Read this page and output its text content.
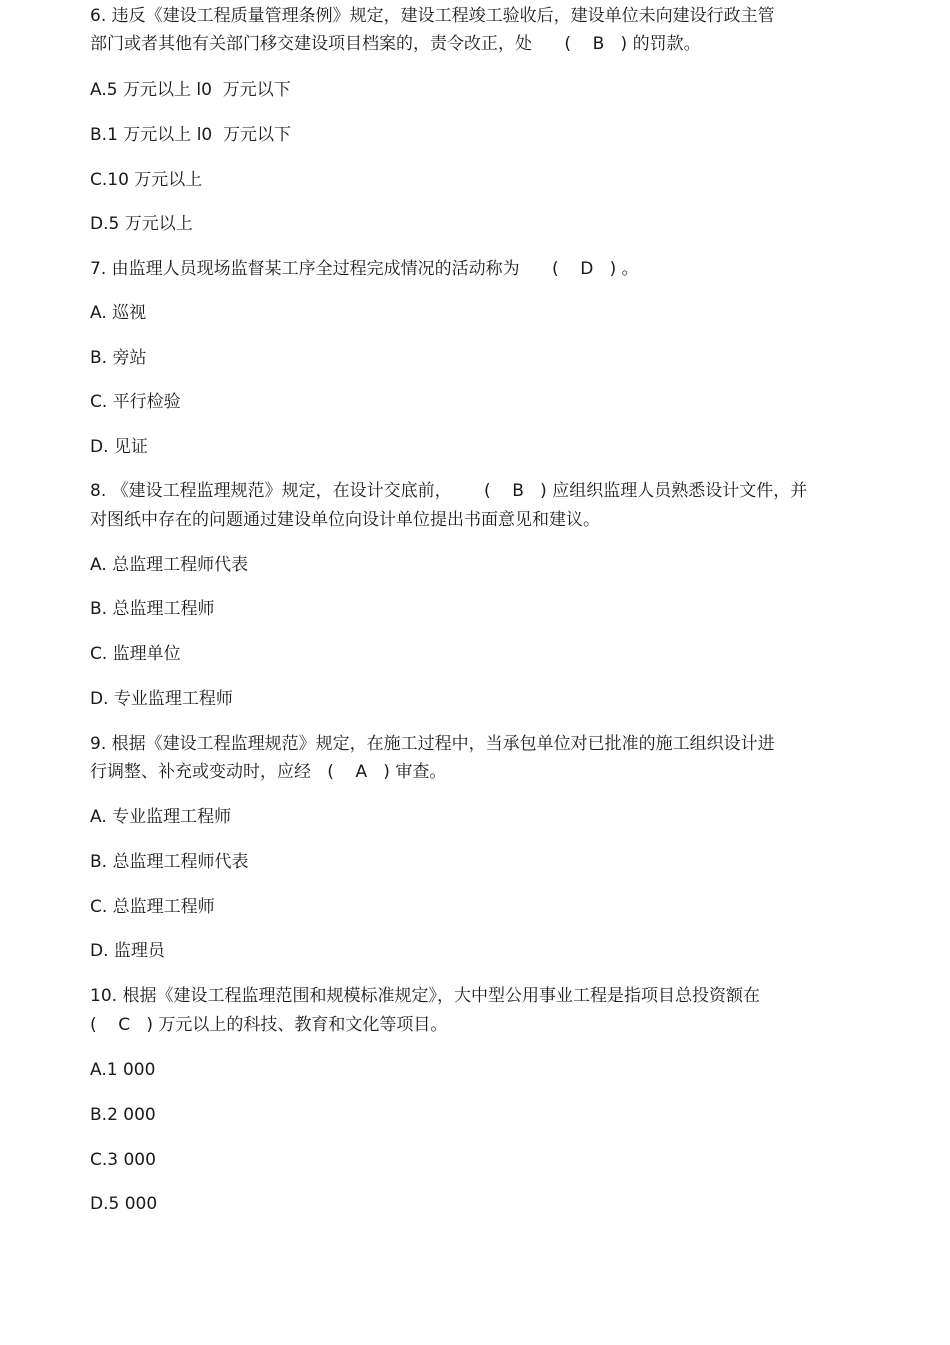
6. 违反《建设工程质量管理条例》规定，建设工程竣工验收后，建设单位未向建设行政主管
部门或者其他有关部门移交建设项目档案的，责令改正，处      (    B   ) 的罚款。
A.5 万元以上 l0  万元以下
B.1 万元以上 l0  万元以下
C.10 万元以上
D.5 万元以上
7. 由监理人员现场监督某工序全过程完成情况的活动称为      (    D   ) 。
A. 巡视
B. 旁站
C. 平行检验
D. 见证
8. 《建设工程监理规范》规定，在设计交底前，      (    B   ) 应组织监理人员熟悉设计文件，并
对图纸中存在的问题通过建设单位向设计单位提出书面意见和建议。
A. 总监理工程师代表
B. 总监理工程师
C. 监理单位
D. 专业监理工程师
9. 根据《建设工程监理规范》规定，在施工过程中，当承包单位对已批准的施工组织设计进
行调整、补充或变动时，应经   (    A   ) 审查。
A. 专业监理工程师
B. 总监理工程师代表
C. 总监理工程师
D. 监理员
10. 根据《建设工程监理范围和规模标准规定》，大中型公用事业工程是指项目总投资额在
(    C   ) 万元以上的科技、教育和文化等项目。
A.1 000
B.2 000
C.3 000
D.5 000
